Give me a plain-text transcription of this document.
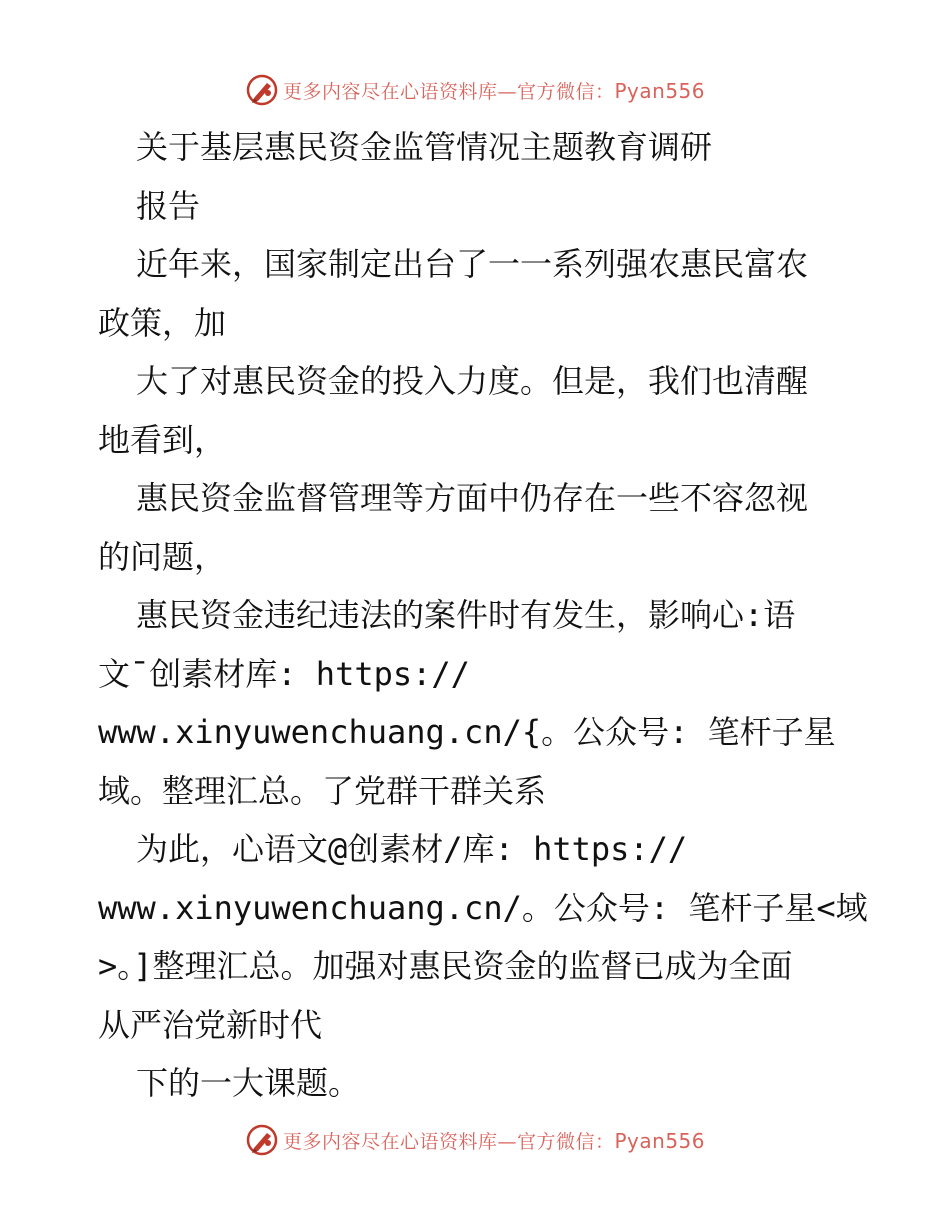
更多内容尽在心语资料库—官方微信：Pyan556
关于基层惠民资金监管情况主题教育调研
报告
近年来，国家制定出台了一一系列强农惠民富农
政策，加
大了对惠民资金的投入力度。但是，我们也清醒
地看到，
惠民资金监督管理等方面中仍存在一些不容忽视
的问题，
惠民资金违纪违法的案件时有发生，影响心:语
文¯创素材库: https://
www.xinyuwenchuang.cn/{。公众号: 笔杆子星
域。整理汇总。了党群干群关系
为此，心语文@创素材/库: https://
www.xinyuwenchuang.cn/。公众号: 笔杆子星<域
>。]整理汇总。加强对惠民资金的监督已成为全面
从严治党新时代
下的一大课题。
更多内容尽在心语资料库—官方微信：Pyan556
